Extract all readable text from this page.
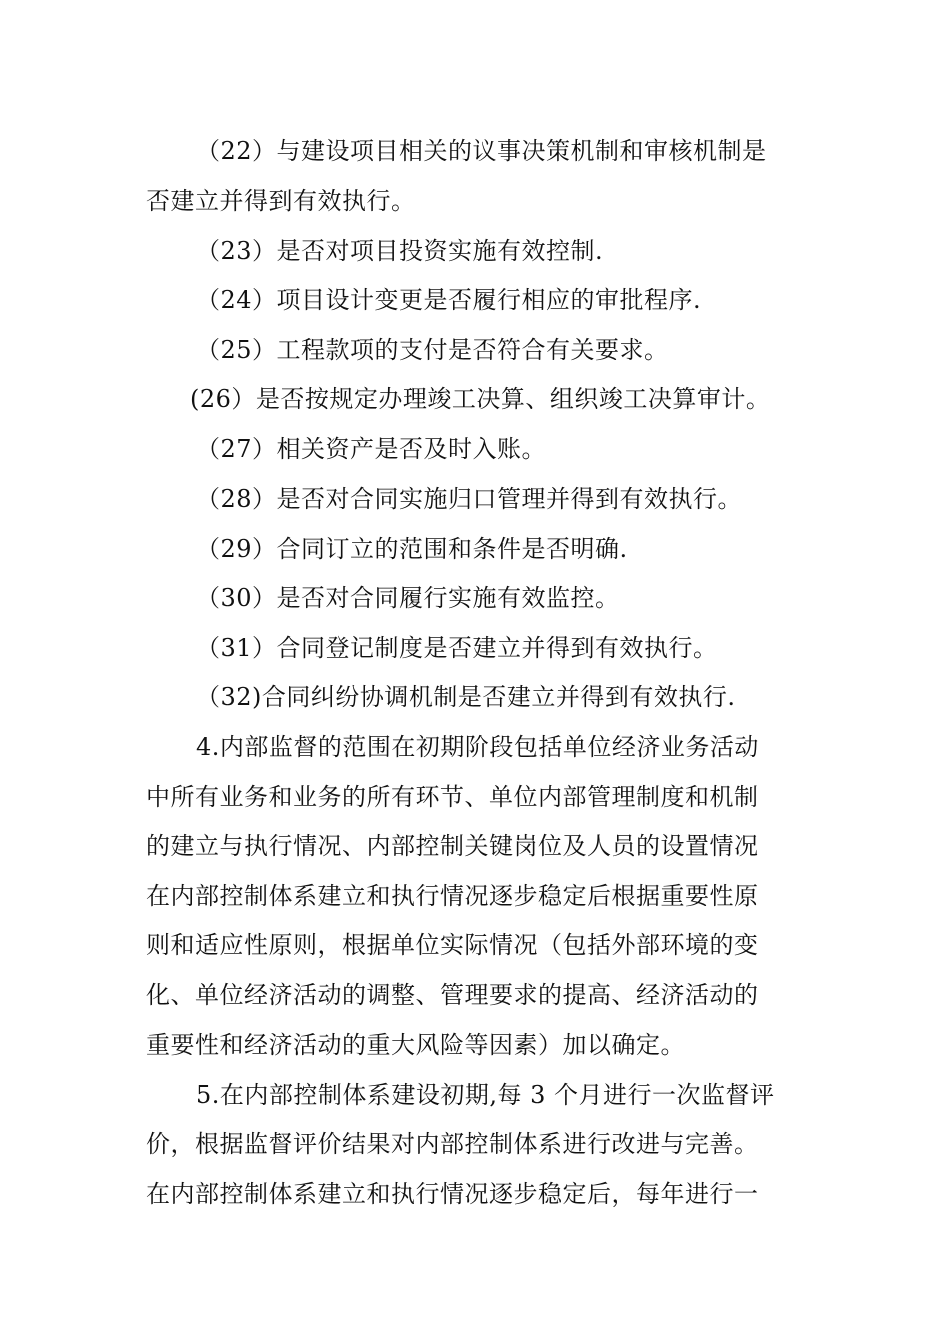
（22）与建设项目相关的议事决策机制和审核机制是
否建立并得到有效执行。
（23）是否对项目投资实施有效控制.
（24）项目设计变更是否履行相应的审批程序.
（25）工程款项的支付是否符合有关要求。
(26）是否按规定办理竣工决算、组织竣工决算审计。
（27）相关资产是否及时入账。
（28）是否对合同实施归口管理并得到有效执行。
（29）合同订立的范围和条件是否明确.
（30）是否对合同履行实施有效监控。
（31）合同登记制度是否建立并得到有效执行。
（32)合同纠纷协调机制是否建立并得到有效执行.
4.内部监督的范围在初期阶段包括单位经济业务活动
中所有业务和业务的所有环节、单位内部管理制度和机制
的建立与执行情况、内部控制关键岗位及人员的设置情况
在内部控制体系建立和执行情况逐步稳定后根据重要性原
则和适应性原则，根据单位实际情况（包括外部环境的变
化、单位经济活动的调整、管理要求的提高、经济活动的
重要性和经济活动的重大风险等因素）加以确定。
5.在内部控制体系建设初期,每 3 个月进行一次监督评
价，根据监督评价结果对内部控制体系进行改进与完善。
在内部控制体系建立和执行情况逐步稳定后，每年进行一
